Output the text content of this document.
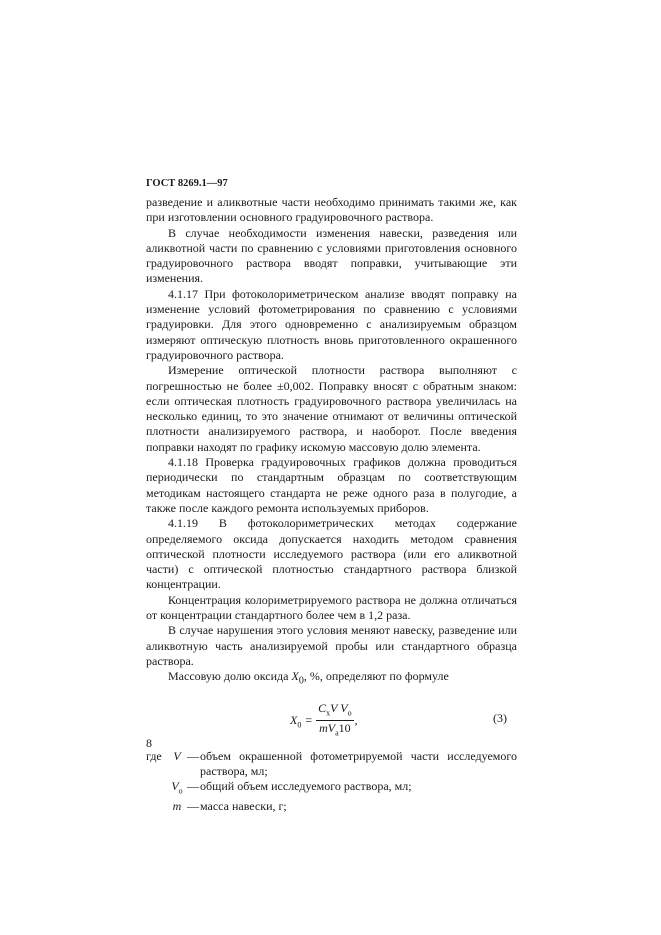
ГОСТ 8269.1—97

разведение и аликвотные части необходимо принимать такими же, как при изготовлении основного градуировочного раствора.

В случае необходимости изменения навески, разведения или аликвотной части по сравнению с условиями приготовления основного градуировочного раствора вводят поправки, учитывающие эти изменения.

4.1.17 При фотоколориметрическом анализе вводят поправку на изменение условий фотометрирования по сравнению с условиями градуировки. Для этого одновременно с анализируемым образцом измеряют оптическую плотность вновь приготовленного окрашенного градуировочного раствора.

Измерение оптической плотности раствора выполняют с погрешностью не более ±0,002. Поправку вносят с обратным знаком: если оптическая плотность градуировочного раствора увеличилась на несколько единиц, то это значение отнимают от величины оптической плотности анализируемого раствора, и наоборот. После введения поправки находят по графику искомую массовую долю элемента.

4.1.18 Проверка градуировочных графиков должна проводиться периодически по стандартным образцам по соответствующим методикам настоящего стандарта не реже одного раза в полугодие, а также после каждого ремонта используемых приборов.

4.1.19 В фотоколориметрических методах содержание определяемого оксида допускается находить методом сравнения оптической плотности исследуемого раствора (или его аликвотной части) с оптической плотностью стандартного раствора близкой концентрации.

Концентрация колориметрируемого раствора не должна отличаться от концентрации стандартного более чем в 1,2 раза.

В случае нарушения этого условия меняют навеску, разведение или аликвотную часть анализируемой пробы или стандартного образца раствора.

Массовую долю оксида $X_0$, %, определяют по формуле

$X_0 = \frac{C_xV V_o}{mV_a10}$ ,	(3)
где V — объем окрашенной фотометрируемой части исследуемого раствора, мл;
$V_o$ — общий объем исследуемого раствора, мл;
m — масса навески, г;
8
